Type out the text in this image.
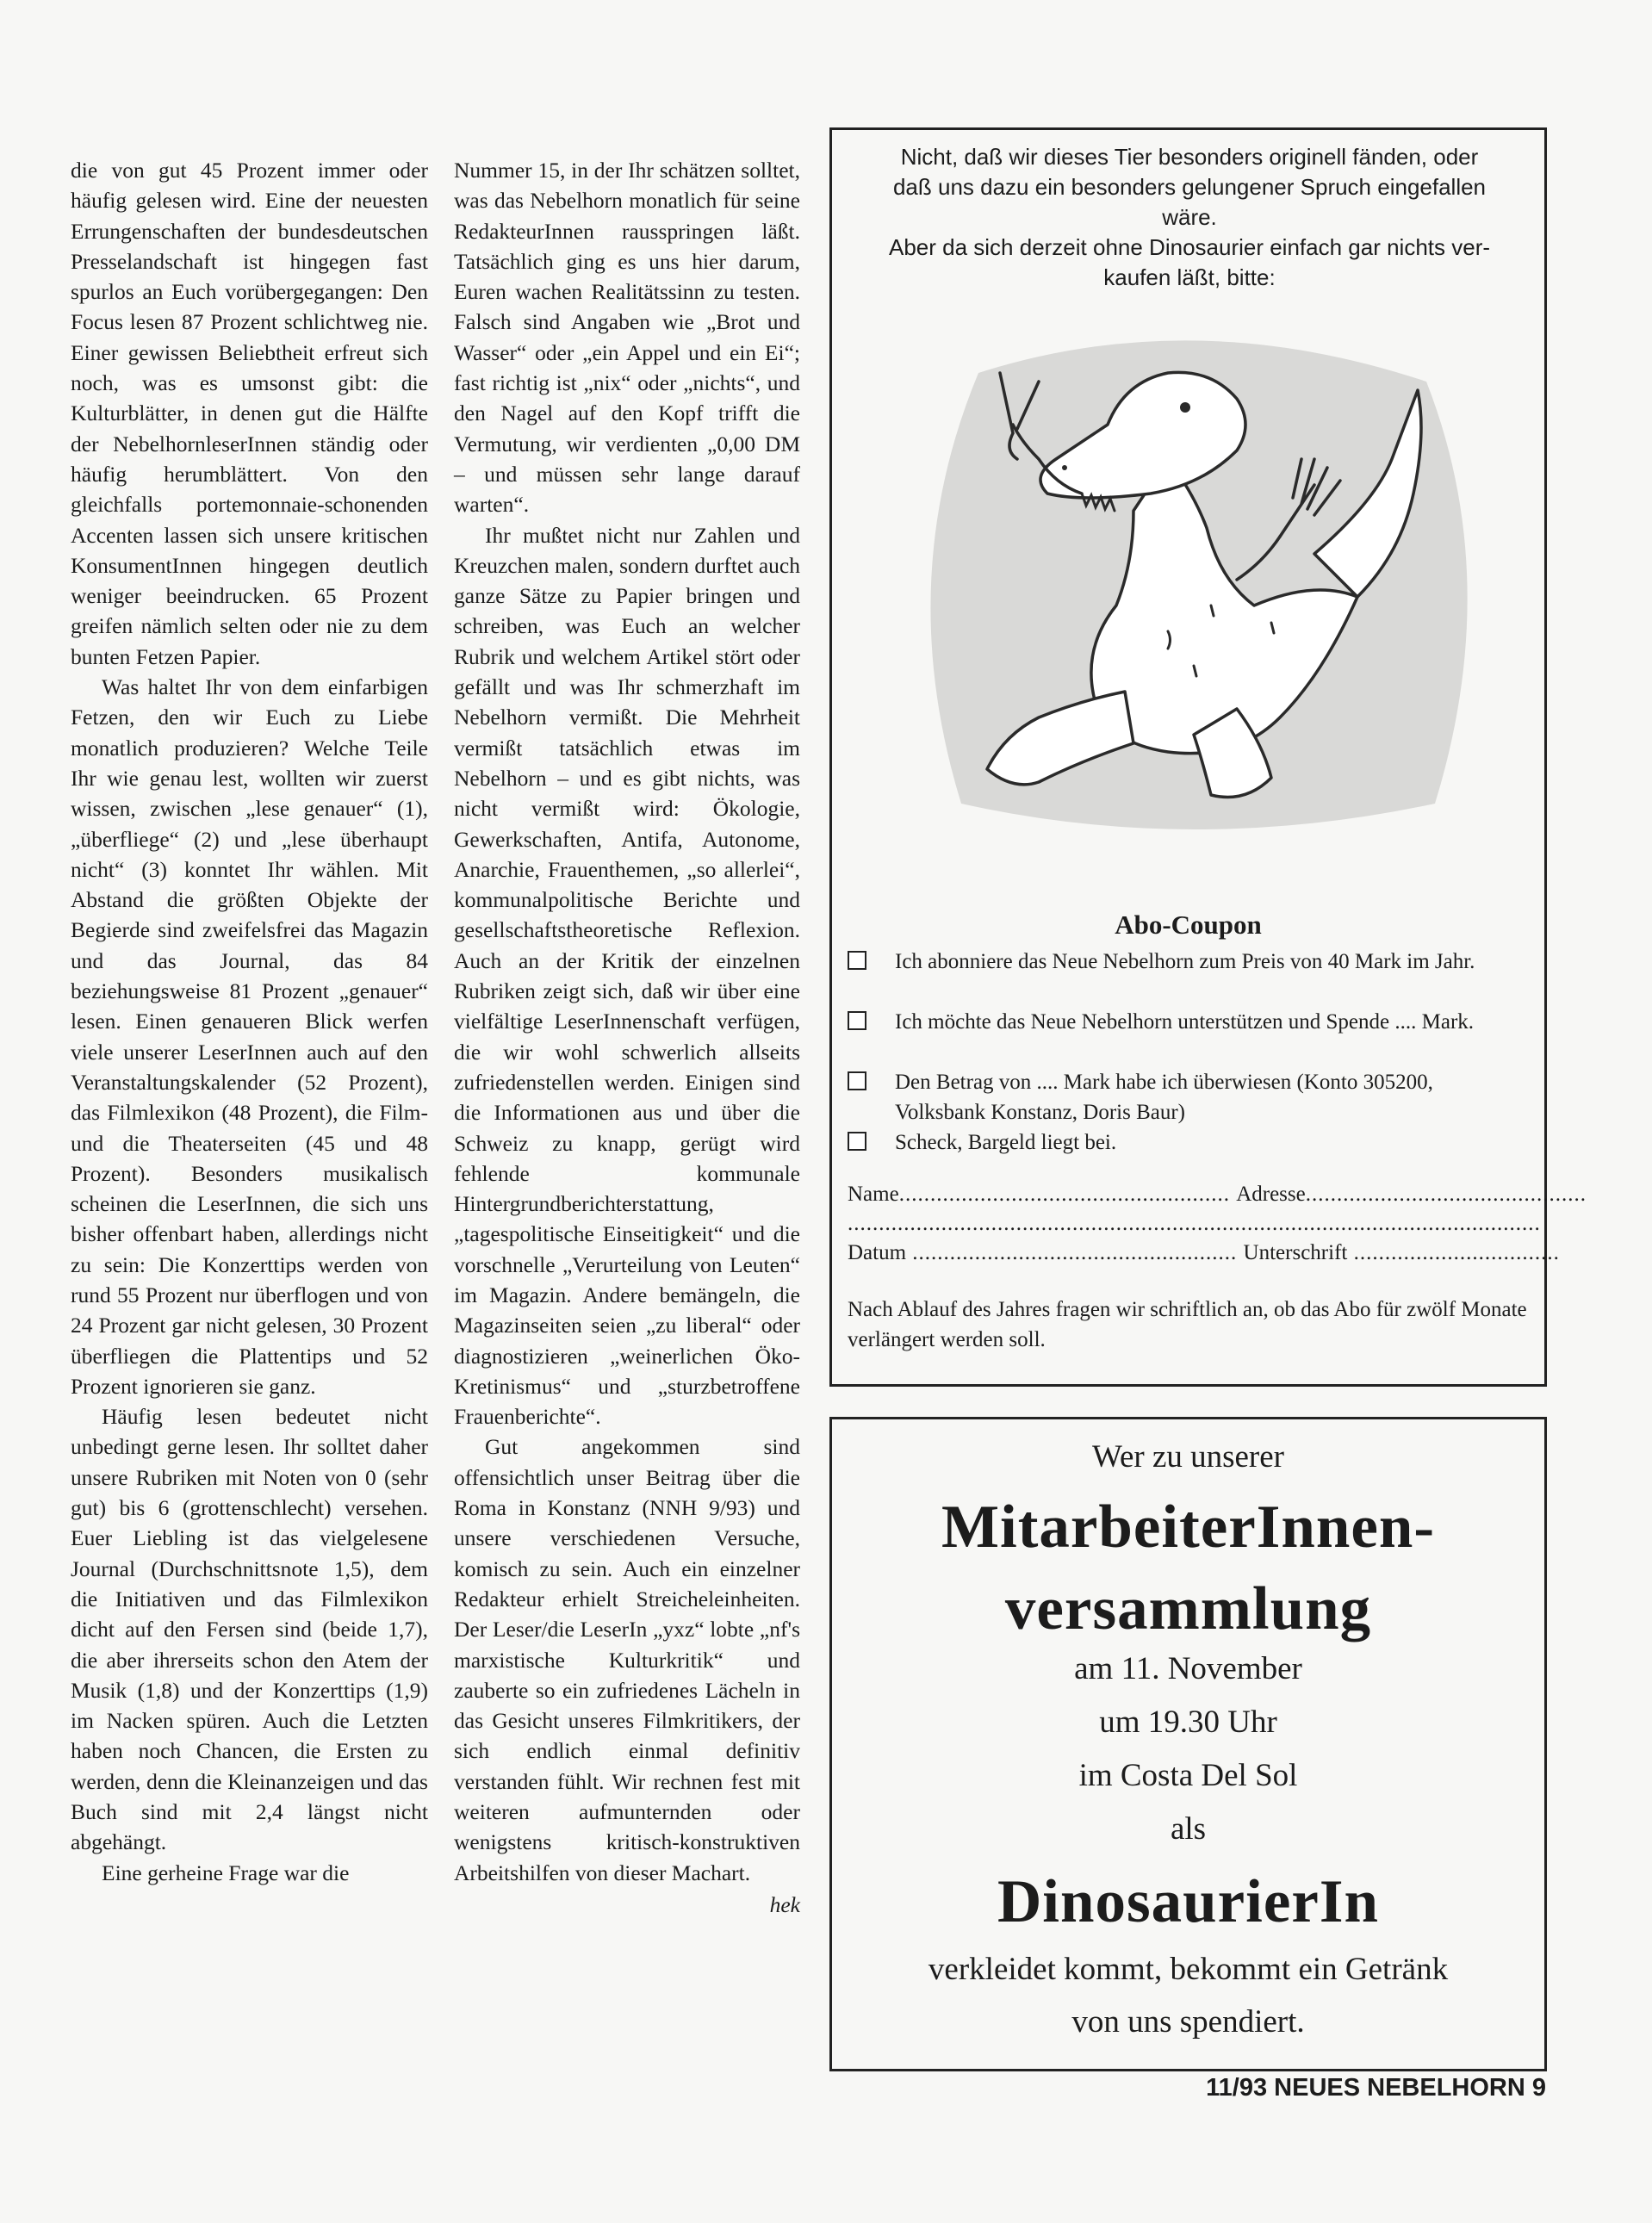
die von gut 45 Prozent immer oder häufig gelesen wird. Eine der neuesten Errungenschaften der bundesdeutschen Presselandschaft ist hingegen fast spurlos an Euch vorübergegangen: Den Focus lesen 87 Prozent schlichtweg nie. Einer gewissen Beliebtheit erfreut sich noch, was es umsonst gibt: die Kulturblätter, in denen gut die Hälfte der NebelhornleserInnen ständig oder häufig herumblättert. Von den gleichfalls portemonnaie-schonenden Accenten lassen sich unsere kritischen KonsumentInnen hingegen deutlich weniger beeindrucken. 65 Prozent greifen nämlich selten oder nie zu dem bunten Fetzen Papier.

Was haltet Ihr von dem einfarbigen Fetzen, den wir Euch zu Liebe monatlich produzieren? Welche Teile Ihr wie genau lest, wollten wir zuerst wissen, zwischen „lese genauer“ (1), „überfliege“ (2) und „lese überhaupt nicht“ (3) konntet Ihr wählen. Mit Abstand die größten Objekte der Begierde sind zweifelsfrei das Magazin und das Journal, das 84 beziehungsweise 81 Prozent „genauer“ lesen. Einen genaueren Blick werfen viele unserer LeserInnen auch auf den Veranstaltungskalender (52 Prozent), das Filmlexikon (48 Prozent), die Film- und die Theaterseiten (45 und 48 Prozent). Besonders musikalisch scheinen die LeserInnen, die sich uns bisher offenbart haben, allerdings nicht zu sein: Die Konzerttips werden von rund 55 Prozent nur überflogen und von 24 Prozent gar nicht gelesen, 30 Prozent überfliegen die Plattentips und 52 Prozent ignorieren sie ganz.

Häufig lesen bedeutet nicht unbedingt gerne lesen. Ihr solltet daher unsere Rubriken mit Noten von 0 (sehr gut) bis 6 (grottenschlecht) versehen. Euer Liebling ist das vielgelesene Journal (Durchschnittsnote 1,5), dem die Initiativen und das Filmlexikon dicht auf den Fersen sind (beide 1,7), die aber ihrerseits schon den Atem der Musik (1,8) und der Konzerttips (1,9) im Nacken spüren. Auch die Letzten haben noch Chancen, die Ersten zu werden, denn die Kleinanzeigen und das Buch sind mit 2,4 längst nicht abgehängt.

Eine gerheine Frage war die

Nummer 15, in der Ihr schätzen solltet, was das Nebelhorn monatlich für seine RedakteurInnen rausspringen läßt. Tatsächlich ging es uns hier darum, Euren wachen Realitätssinn zu testen. Falsch sind Angaben wie „Brot und Wasser“ oder „ein Appel und ein Ei“; fast richtig ist „nix“ oder „nichts“, und den Nagel auf den Kopf trifft die Vermutung, wir verdienten „0,00 DM – und müssen sehr lange darauf warten“.

Ihr mußtet nicht nur Zahlen und Kreuzchen malen, sondern durftet auch ganze Sätze zu Papier bringen und schreiben, was Euch an welcher Rubrik und welchem Artikel stört oder gefällt und was Ihr schmerzhaft im Nebelhorn vermißt. Die Mehrheit vermißt tatsächlich etwas im Nebelhorn – und es gibt nichts, was nicht vermißt wird: Ökologie, Gewerkschaften, Antifa, Autonome, Anarchie, Frauenthemen, „so allerlei“, kommunalpolitische Berichte und gesellschaftstheoretische Reflexion. Auch an der Kritik der einzelnen Rubriken zeigt sich, daß wir über eine vielfältige LeserInnenschaft verfügen, die wir wohl schwerlich allseits zufriedenstellen werden. Einigen sind die Informationen aus und über die Schweiz zu knapp, gerügt wird fehlende kommunale Hintergrundberichterstattung, „tagespolitische Einseitigkeit“ und die vorschnelle „Verurteilung von Leuten“ im Magazin. Andere bemängeln, die Magazinseiten seien „zu liberal“ oder diagnostizieren „weinerlichen Öko-Kretinismus“ und „sturzbetroffene Frauenberichte“.

Gut angekommen sind offensichtlich unser Beitrag über die Roma in Konstanz (NNH 9/93) und unsere verschiedenen Versuche, komisch zu sein. Auch ein einzelner Redakteur erhielt Streicheleinheiten. Der Leser/die LeserIn „yxz“ lobte „nf's marxistische Kulturkritik“ und zauberte so ein zufriedenes Lächeln in das Gesicht unseres Filmkritikers, der sich endlich einmal definitiv verstanden fühlt. Wir rechnen fest mit weiteren aufmunternden oder wenigstens kritisch-konstruktiven Arbeitshilfen von dieser Machart.

hek
Nicht, daß wir dieses Tier besonders originell fänden, oder
daß uns dazu ein besonders gelungener Spruch eingefallen
wäre.
Aber da sich derzeit ohne Dinosaurier einfach gar nichts ver-
kaufen läßt, bitte:
Abo-Coupon
Ich abonniere das Neue Nebelhorn zum Preis von 40 Mark im Jahr.
Ich möchte das Neue Nebelhorn unterstützen und Spende .... Mark.
Den Betrag von .... Mark habe ich überwiesen (Konto 305200, Volksbank Konstanz, Doris Baur)
Scheck, Bargeld liegt bei.
Name..................................................... Adresse.............................................
...............................................................................................................
Datum .................................................... Unterschrift .................................
Nach Ablauf des Jahres fragen wir schriftlich an, ob das Abo für zwölf Monate verlängert werden soll.
Wer zu unserer
MitarbeiterInnen-
versammlung
am 11. November
um 19.30 Uhr
im Costa Del Sol
als
DinosaurierIn
verkleidet kommt, bekommt ein Getränk
von uns spendiert.
11/93 NEUES NEBELHORN 9
